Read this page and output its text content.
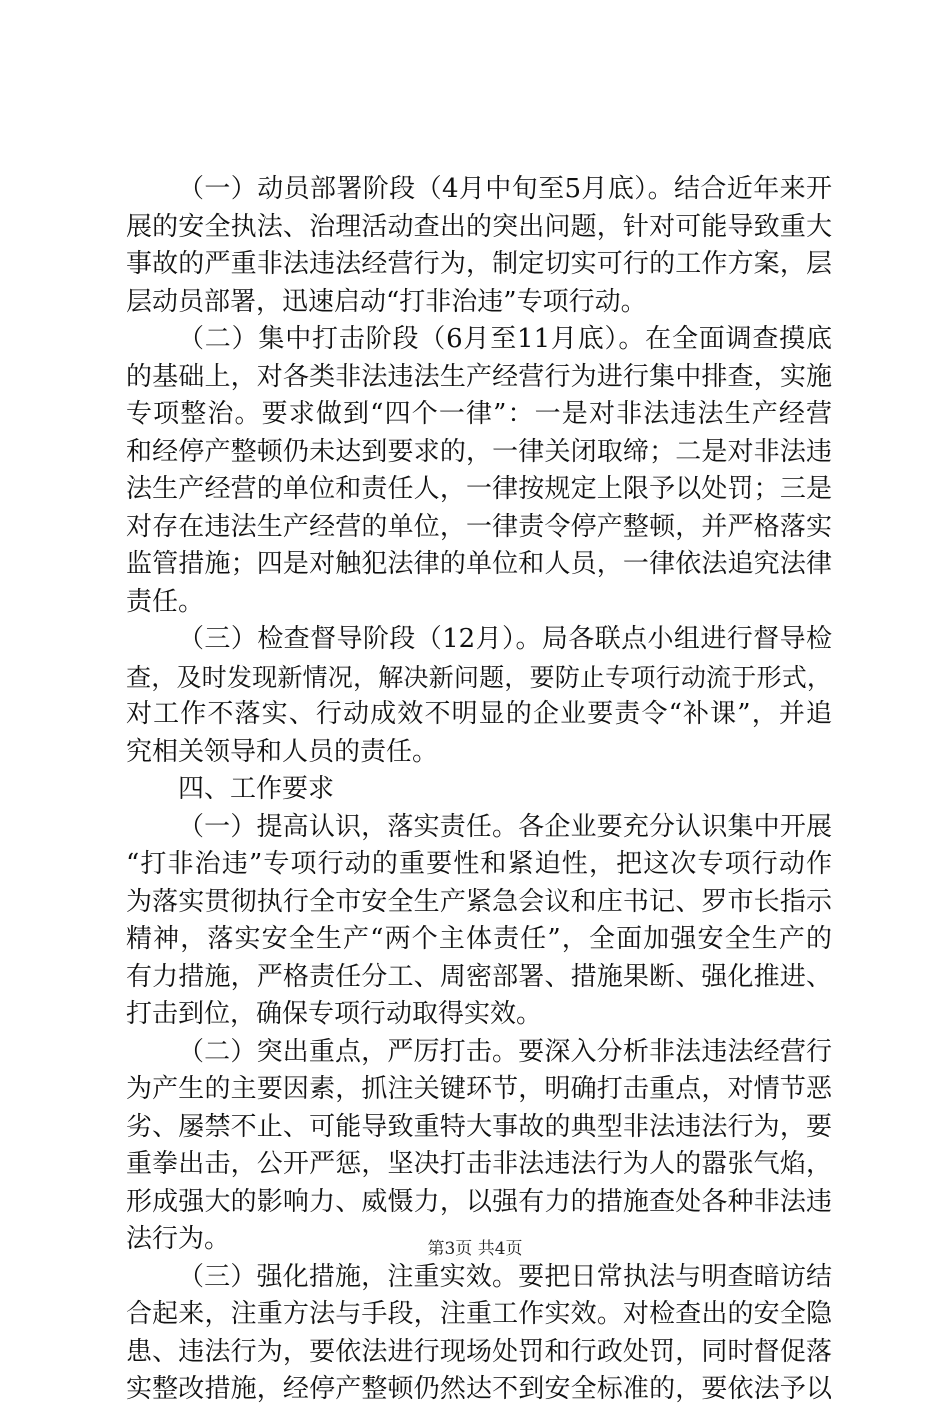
（一）动员部署阶段（4月中旬至5月底）。结合近年来开
展的安全执法、治理活动查出的突出问题，针对可能导致重大
事故的严重非法违法经营行为，制定切实可行的工作方案，层
层动员部署，迅速启动“打非治违”专项行动。
（二）集中打击阶段（6月至11月底）。在全面调查摸底
的基础上，对各类非法违法生产经营行为进行集中排查，实施
专项整治。要求做到“四个一律”：一是对非法违法生产经营
和经停产整顿仍未达到要求的，一律关闭取缔；二是对非法违
法生产经营的单位和责任人，一律按规定上限予以处罚；三是
对存在违法生产经营的单位，一律责令停产整顿，并严格落实
监管措施；四是对触犯法律的单位和人员，一律依法追究法律
责任。
（三）检查督导阶段（12月）。局各联点小组进行督导检
查，及时发现新情况，解决新问题，要防止专项行动流于形式，
对工作不落实、行动成效不明显的企业要责令“补课”，并追
究相关领导和人员的责任。
四、工作要求
（一）提高认识，落实责任。各企业要充分认识集中开展
“打非治违”专项行动的重要性和紧迫性，把这次专项行动作
为落实贯彻执行全市安全生产紧急会议和庄书记、罗市长指示
精神，落实安全生产“两个主体责任”，全面加强安全生产的
有力措施，严格责任分工、周密部署、措施果断、强化推进、
打击到位，确保专项行动取得实效。
（二）突出重点，严厉打击。要深入分析非法违法经营行
为产生的主要因素，抓注关键环节，明确打击重点，对情节恶
劣、屡禁不止、可能导致重特大事故的典型非法违法行为，要
重拳出击，公开严惩，坚决打击非法违法行为人的嚣张气焰，
形成强大的影响力、威慑力，以强有力的措施查处各种非法违
法行为。
（三）强化措施，注重实效。要把日常执法与明查暗访结
合起来，注重方法与手段，注重工作实效。对检查出的安全隐
患、违法行为，要依法进行现场处罚和行政处罚，同时督促落
实整改措施，经停产整顿仍然达不到安全标准的，要依法予以
第3页 共4页
